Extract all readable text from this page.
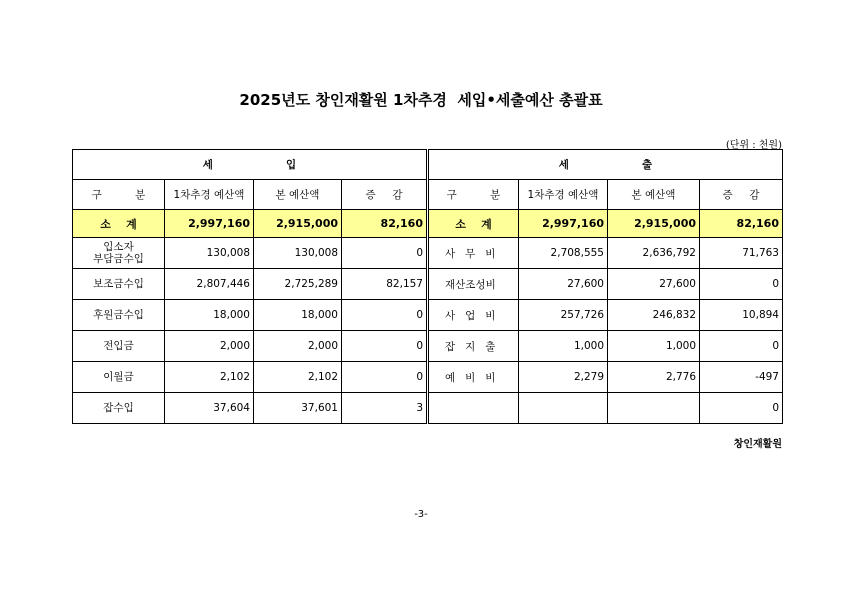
2025년도 창인재활원 1차추경  세입•세출예산 총괄표
(단위 : 천원)
세                    입				세                    출			
구          분	1차추경 예산액	본 예산액	증     감	구          분	1차추경 예산액	본 예산액	증     감
소    계	2,997,160	2,915,000	82,160	소    계	2,997,160	2,915,000	82,160
입소자
부담금수입	130,008	130,008	0	사   무   비	2,708,555	2,636,792	71,763
보조금수입	2,807,446	2,725,289	82,157	재산조성비	27,600	27,600	0
후원금수입	18,000	18,000	0	사   업   비	257,726	246,832	10,894
전입금	2,000	2,000	0	잡   지   출	1,000	1,000	0
이월금	2,102	2,102	0	예   비   비	2,279	2,776	-497
잡수입	37,604	37,601	3				0
창인재활원
-3-
